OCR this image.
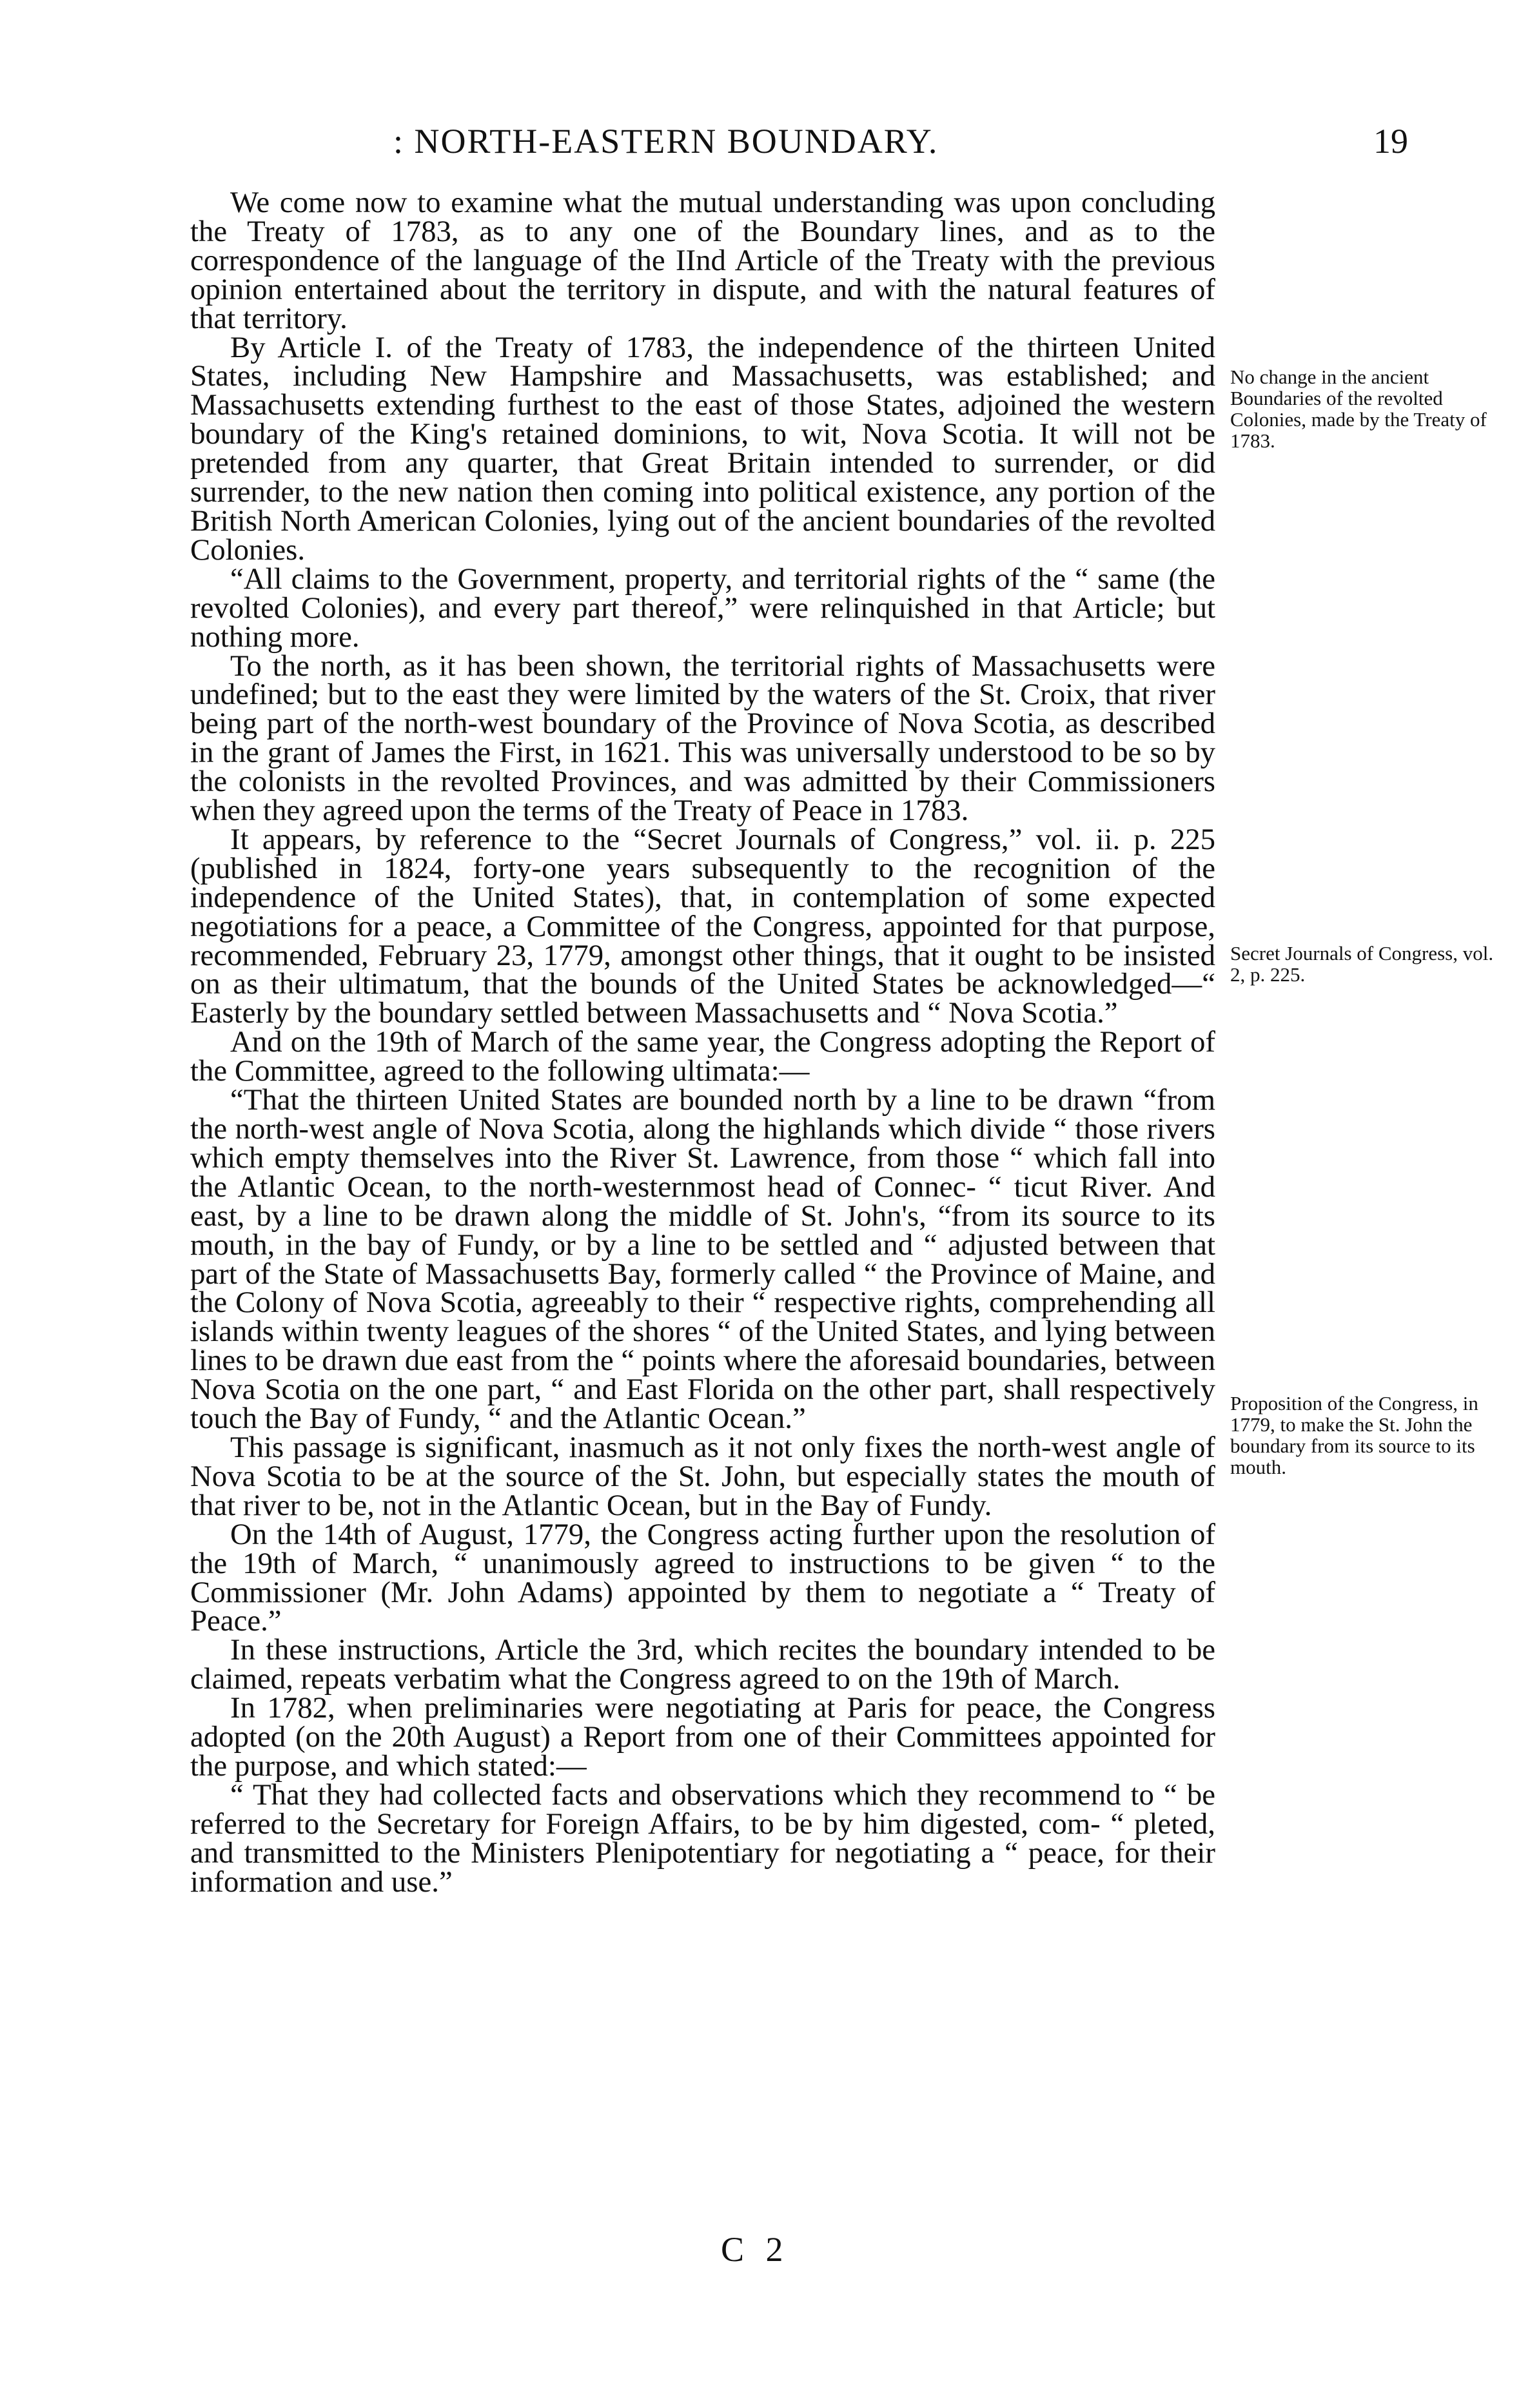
: NORTH-EASTERN BOUNDARY.	19

We come now to examine what the mutual understanding was upon concluding the Treaty of 1783, as to any one of the Boundary lines, and as to the correspondence of the language of the IInd Article of the Treaty with the previous opinion entertained about the territory in dispute, and with the natural features of that territory.

By Article I. of the Treaty of 1783, the independence of the thirteen United States, including New Hampshire and Massachusetts, was established; and Massachusetts extending furthest to the east of those States, adjoined the western boundary of the King's retained dominions, to wit, Nova Scotia. It will not be pretended from any quarter, that Great Britain intended to surrender, or did surrender, to the new nation then coming into political existence, any portion of the British North American Colonies, lying out of the ancient boundaries of the revolted Colonies.

“All claims to the Government, property, and territorial rights of the “ same (the revolted Colonies), and every part thereof,” were relinquished in that Article; but nothing more.

To the north, as it has been shown, the territorial rights of Massachusetts were undefined; but to the east they were limited by the waters of the St. Croix, that river being part of the north-west boundary of the Province of Nova Scotia, as described in the grant of James the First, in 1621. This was universally understood to be so by the colonists in the revolted Provinces, and was admitted by their Commissioners when they agreed upon the terms of the Treaty of Peace in 1783.

It appears, by reference to the “Secret Journals of Congress,” vol. ii. p. 225 (published in 1824, forty-one years subsequently to the recognition of the independence of the United States), that, in contemplation of some expected negotiations for a peace, a Committee of the Congress, appointed for that purpose, recommended, February 23, 1779, amongst other things, that it ought to be insisted on as their ultimatum, that the bounds of the United States be acknowledged—“ Easterly by the boundary settled between Massachusetts and “ Nova Scotia.”

And on the 19th of March of the same year, the Congress adopting the Report of the Committee, agreed to the following ultimata:—

“That the thirteen United States are bounded north by a line to be drawn “from the north-west angle of Nova Scotia, along the highlands which divide “ those rivers which empty themselves into the River St. Lawrence, from those “ which fall into the Atlantic Ocean, to the north-westernmost head of Connec- “ ticut River. And east, by a line to be drawn along the middle of St. John's, “from its source to its mouth, in the bay of Fundy, or by a line to be settled and “ adjusted between that part of the State of Massachusetts Bay, formerly called “ the Province of Maine, and the Colony of Nova Scotia, agreeably to their “ respective rights, comprehending all islands within twenty leagues of the shores “ of the United States, and lying between lines to be drawn due east from the “ points where the aforesaid boundaries, between Nova Scotia on the one part, “ and East Florida on the other part, shall respectively touch the Bay of Fundy, “ and the Atlantic Ocean.”

This passage is significant, inasmuch as it not only fixes the north-west angle of Nova Scotia to be at the source of the St. John, but especially states the mouth of that river to be, not in the Atlantic Ocean, but in the Bay of Fundy.

On the 14th of August, 1779, the Congress acting further upon the resolution of the 19th of March, “ unanimously agreed to instructions to be given “ to the Commissioner (Mr. John Adams) appointed by them to negotiate a “ Treaty of Peace.”

In these instructions, Article the 3rd, which recites the boundary intended to be claimed, repeats verbatim what the Congress agreed to on the 19th of March.

In 1782, when preliminaries were negotiating at Paris for peace, the Congress adopted (on the 20th August) a Report from one of their Committees appointed for the purpose, and which stated:—

“ That they had collected facts and observations which they recommend to “ be referred to the Secretary for Foreign Affairs, to be by him digested, com- “ pleted, and transmitted to the Ministers Plenipotentiary for negotiating a “ peace, for their information and use.”

No change in the ancient Boundaries of the revolted Colonies, made by the Treaty of 1783.
Secret Journals of Congress, vol. 2, p. 225.
Proposition of the Congress, in 1779, to make the St. John the boundary from its source to its mouth.
C 2
